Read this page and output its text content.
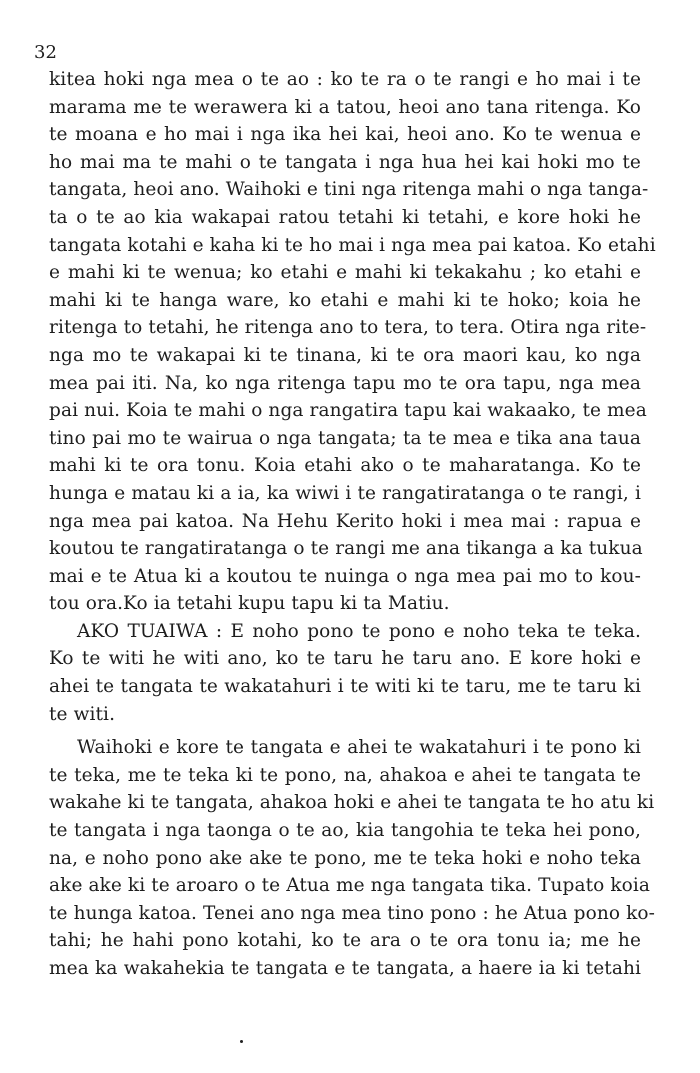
32
kitea hoki nga mea o te ao : ko te ra o te rangi e ho mai i te
marama me te werawera ki a tatou, heoi ano tana ritenga. Ko
te moana e ho mai i nga ika hei kai, heoi ano. Ko te wenua e
ho mai ma te mahi o te tangata i nga hua hei kai hoki mo te
tangata, heoi ano. Waihoki e tini nga ritenga mahi o nga tanga-
ta o te ao kia wakapai ratou tetahi ki tetahi, e kore hoki he
tangata kotahi e kaha ki te ho mai i nga mea pai katoa. Ko etahi
e mahi ki te wenua; ko etahi e mahi ki tekakahu ; ko etahi e
mahi ki te hanga ware, ko etahi e mahi ki te hoko; koia he
ritenga to tetahi, he ritenga ano to tera, to tera. Otira nga rite-
nga mo te wakapai ki te tinana, ki te ora maori kau, ko nga
mea pai iti. Na, ko nga ritenga tapu mo te ora tapu, nga mea
pai nui. Koia te mahi o nga rangatira tapu kai wakaako, te mea
tino pai mo te wairua o nga tangata; ta te mea e tika ana taua
mahi ki te ora tonu. Koia etahi ako o te maharatanga. Ko te
hunga e matau ki a ia, ka wiwi i te rangatiratanga o te rangi, i
nga mea pai katoa. Na Hehu Kerito hoki i mea mai : rapua e
koutou te rangatiratanga o te rangi me ana tikanga a ka tukua
mai e te Atua ki a koutou te nuinga o nga mea pai mo to kou-
tou ora.Ko ia tetahi kupu tapu ki ta Matiu.
AKO TUAIWA : E noho pono te pono e noho teka te teka.
Ko te witi he witi ano, ko te taru he taru ano. E kore hoki e
ahei te tangata te wakatahuri i te witi ki te taru, me te taru ki
te witi.
Waihoki e kore te tangata e ahei te wakatahuri i te pono ki
te teka, me te teka ki te pono, na, ahakoa e ahei te tangata te
wakahe ki te tangata, ahakoa hoki e ahei te tangata te ho atu ki
te tangata i nga taonga o te ao, kia tangohia te teka hei pono,
na, e noho pono ake ake te pono, me te teka hoki e noho teka
ake ake ki te aroaro o te Atua me nga tangata tika. Tupato koia
te hunga katoa. Tenei ano nga mea tino pono : he Atua pono ko-
tahi; he hahi pono kotahi, ko te ara o te ora tonu ia; me he
mea ka wakahekia te tangata e te tangata, a haere ia ki tetahi
